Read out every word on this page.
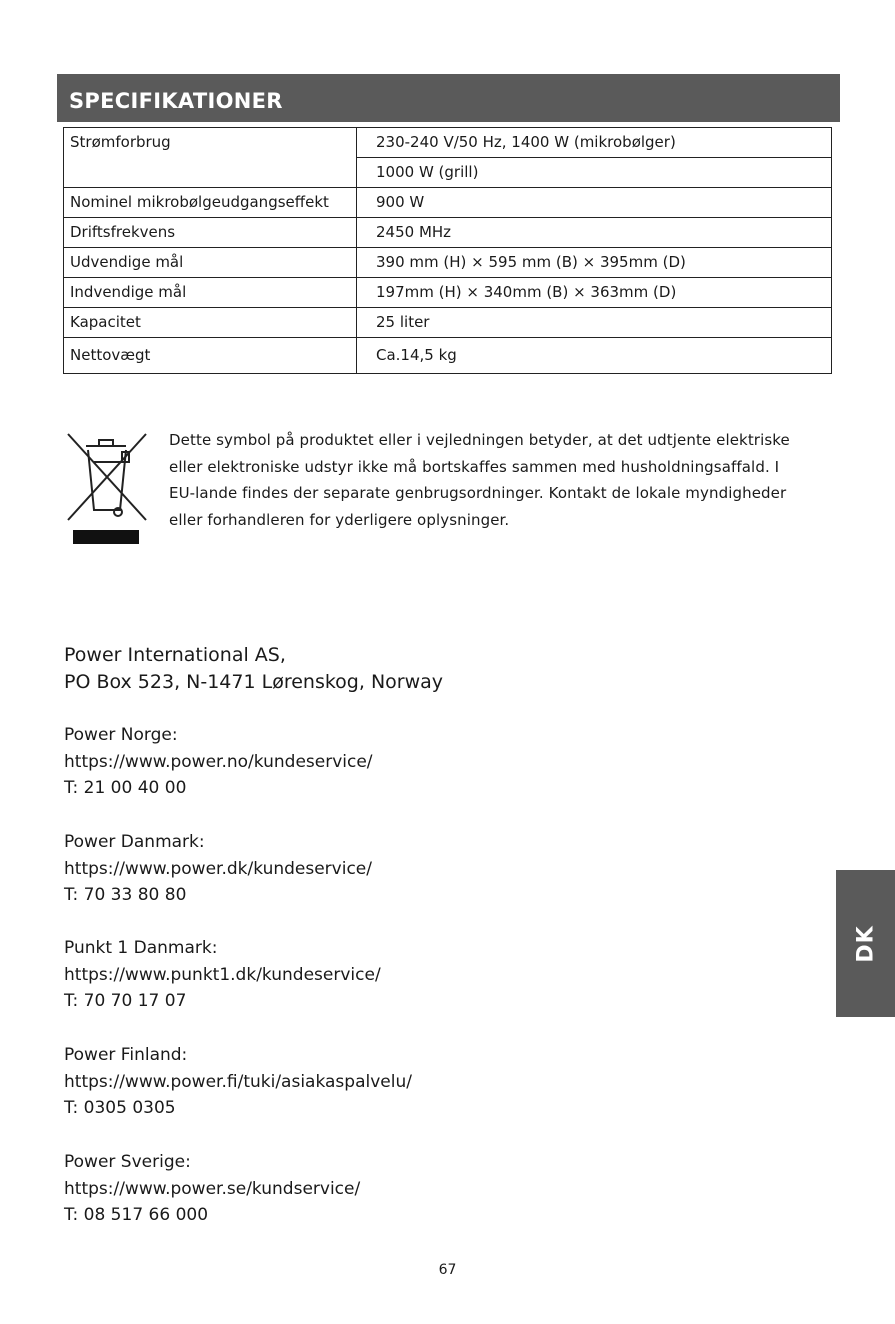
SPECIFIKATIONER
Strømforbrug	230-240 V/50 Hz, 1400 W (mikrobølger)
	1000 W (grill)
Nominel mikrobølgeudgangseffekt	900 W
Driftsfrekvens	2450 MHz
Udvendige mål	390 mm (H) × 595 mm (B) × 395mm (D)
Indvendige mål	197mm (H) × 340mm (B) × 363mm (D)
Kapacitet	25 liter
Nettovægt	Ca.14,5 kg
Dette symbol på produktet eller i vejledningen betyder, at det udtjente elektriske
eller elektroniske udstyr ikke må bortskaffes sammen med husholdningsaffald. I
EU-lande findes der separate genbrugsordninger. Kontakt de lokale myndigheder
eller forhandleren for yderligere oplysninger.
Power International AS,
PO Box 523, N-1471 Lørenskog, Norway
Power Norge:
https://www.power.no/kundeservice/
T: 21 00 40 00
Power Danmark:
https://www.power.dk/kundeservice/
T: 70 33 80 80
Punkt 1 Danmark:
https://www.punkt1.dk/kundeservice/
T: 70 70 17 07
Power Finland:
https://www.power.fi/tuki/asiakaspalvelu/
T: 0305 0305
Power Sverige:
https://www.power.se/kundservice/
T: 08 517 66 000
DK
67
